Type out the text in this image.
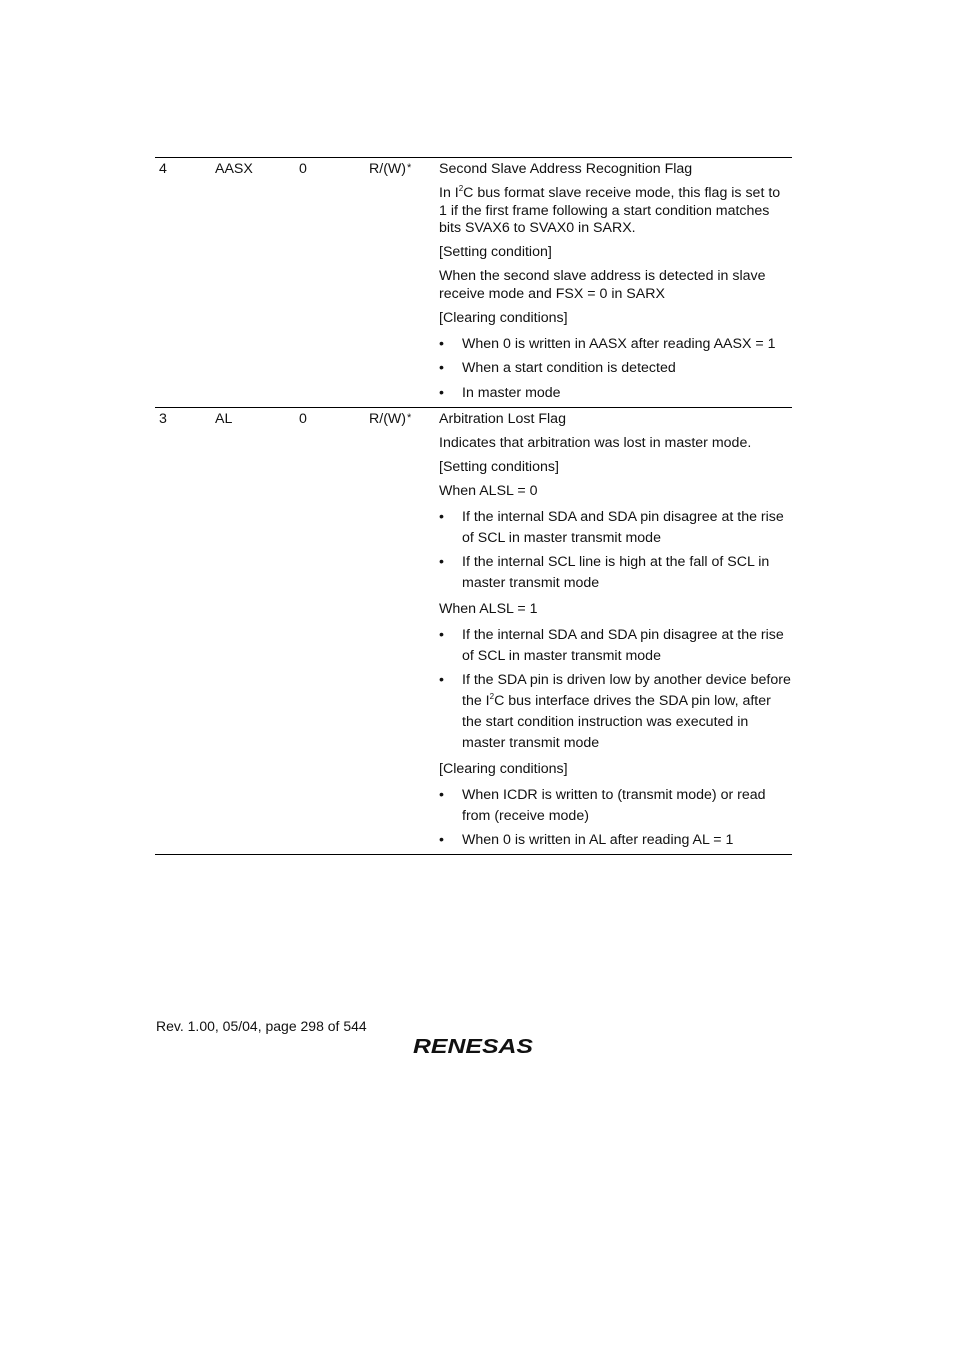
4	AASX	0	R/(W)* Second Slave Address Recognition Flag
In $I^2C$ bus format slave receive mode, this flag is set to 1 if the first frame following a start condition matches bits SVAX6 to SVAX0 in SARX.
[Setting condition]
When the second slave address is detected in slave receive mode and FSX = 0 in SARX
[Clearing conditions]
• When 0 is written in AASX after reading AASX = 1
• When a start condition is detected
• In master mode
3	AL	0	R/(W)* Arbitration Lost Flag
Indicates that arbitration was lost in master mode.
[Setting conditions]
When ALSL = 0
• If the internal SDA and SDA pin disagree at the rise of SCL in master transmit mode
• If the internal SCL line is high at the fall of SCL in master transmit mode
When ALSL = 1
• If the internal SDA and SDA pin disagree at the rise of SCL in master transmit mode
• If the SDA pin is driven low by another device before the $I^2C$ bus interface drives the SDA pin low, after the start condition instruction was executed in master transmit mode
[Clearing conditions]
• When ICDR is written to (transmit mode) or read from (receive mode)
• When 0 is written in AL after reading AL = 1
Rev. 1.00, 05/04, page 298 of 544
RENESAS
